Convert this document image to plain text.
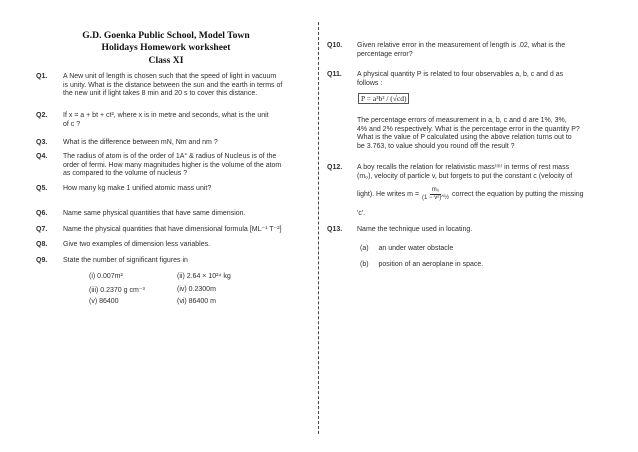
G.D. Goenka Public School, Model Town
Holidays Homework worksheet
Class XI
Q1.	A New unit of length is chosen such that the speed of light in vacuum

is unity. What is the distance between the sun and the earth in terms of

the new unit if light takes 8 min and 20 s to cover this distance.

Q2.	If x = a + bt + ct², where x is in metre and seconds, what is the unit

of c ?

Q3.	What is the difference between mN, Nm and nm ?

Q4.	The radius of atom is of the order of 1A° & radius of Nucleus is of the

order of fermi. How many magnitudes higher is the volume of the atom

as compared to the volume of nucleus ?

Q5.	How many kg make 1 unified atomic mass unit?

Q6.	Name same physical quantities that have same dimension.

Q7.	Name the physical quantities that have dimensional formula [ML⁻¹ T⁻²]

Q8.	Give two examples of dimension less variables.

Q9.	State the number of significant figures in

(i) 0.007m²	(ii) 2.64 × 10²⁴ kg
(iii) 0.2370 g cm⁻³	(iv) 0.2300m
(v) 86400	(vi) 86400 m
Q10.	Given relative error in the measurement of length is .02, what is the

percentage error?

Q11.	A physical quantity P is related to four observables a, b, c and d as

follows :

P = a³b² / (√cd)

The percentage errors of measurement in a, b, c and d are 1%, 3%,

4% and 2% respectively. What is the percentage error in the quantity P?

What is the value of P calculated using the above relation turns out to

be 3.763, to value should you round off the result ?

Q12.	A boy recalls the relation for relativistic mass⁽ᵐ⁾ in terms of rest mass

(m₀), velocity of particle v, but forgets to put the constant c (velocity of

light). He writes $m = \frac{\text{m₀}}{\text{(1 − v²)\textasciicircum{}½}}$ correct the equation by putting the missing
'c'.
Q13.	Name the technique used in locating.

(a) an under water obstacle
(b) position of an aeroplane in space.
